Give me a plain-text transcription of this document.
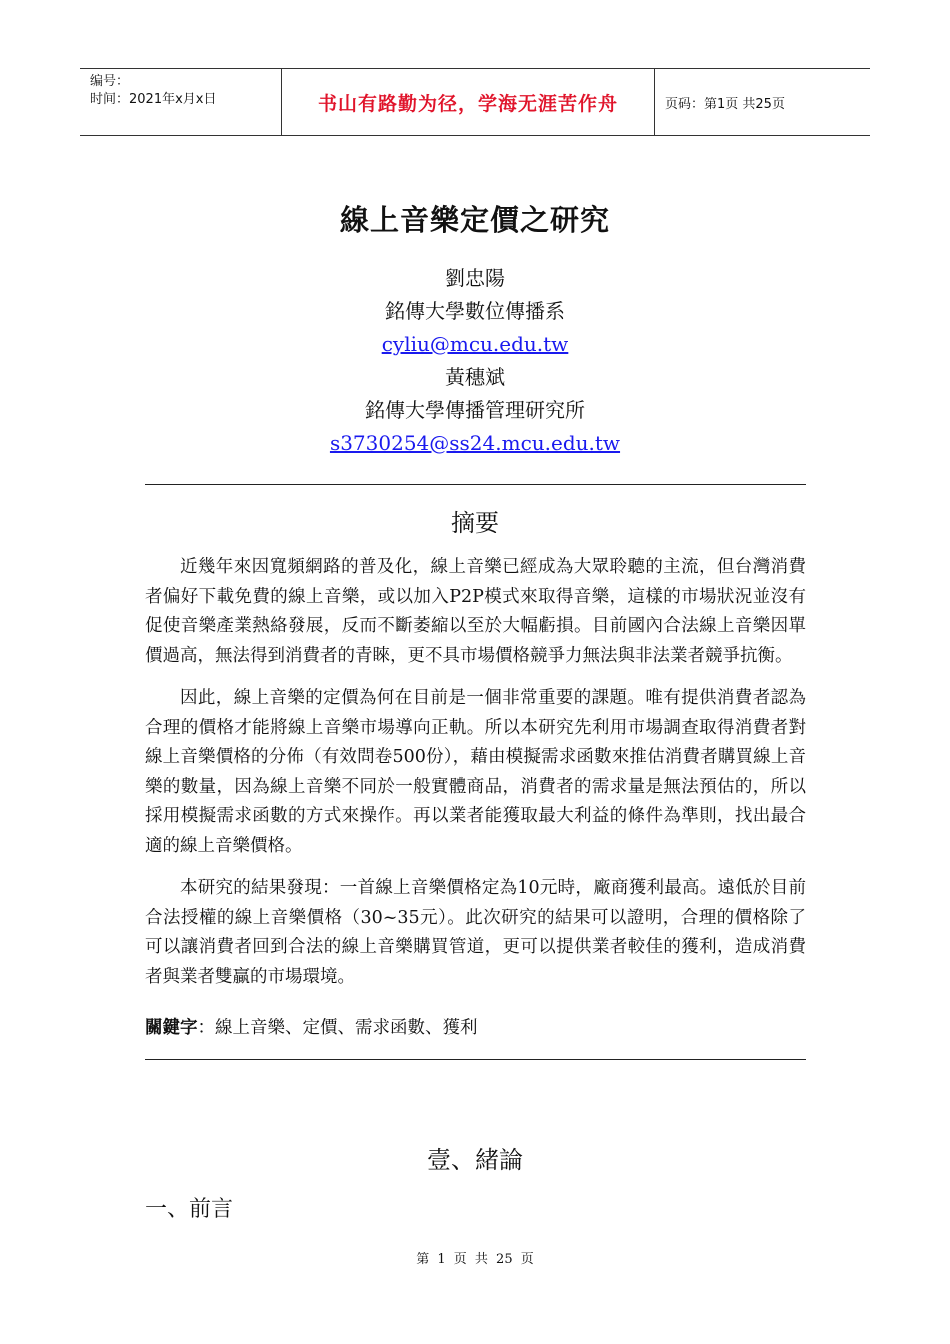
编号：
时间：2021年x月x日	书山有路勤为径，学海无涯苦作舟	页码：第1页 共25页
線上音樂定價之研究
劉忠陽
銘傳大學數位傳播系
cyliu@mcu.edu.tw
黃穗斌
銘傳大學傳播管理研究所
s3730254@ss24.mcu.edu.tw
摘要

近幾年來因寬頻網路的普及化，線上音樂已經成為大眾聆聽的主流，但台灣消費者偏好下載免費的線上音樂，或以加入P2P模式來取得音樂，這樣的市場狀況並沒有促使音樂產業熱絡發展，反而不斷萎縮以至於大幅虧損。目前國內合法線上音樂因單價過高，無法得到消費者的青睞，更不具市場價格競爭力無法與非法業者競爭抗衡。

因此，線上音樂的定價為何在目前是一個非常重要的課題。唯有提供消費者認為合理的價格才能將線上音樂市場導向正軌。所以本研究先利用市場調查取得消費者對線上音樂價格的分佈（有效問卷500份），藉由模擬需求函數來推估消費者購買線上音樂的數量，因為線上音樂不同於一般實體商品，消費者的需求量是無法預估的，所以採用模擬需求函數的方式來操作。再以業者能獲取最大利益的條件為準則，找出最合適的線上音樂價格。

本研究的結果發現：一首線上音樂價格定為10元時，廠商獲利最高。遠低於目前合法授權的線上音樂價格（30~35元）。此次研究的結果可以證明，合理的價格除了可以讓消費者回到合法的線上音樂購買管道，更可以提供業者較佳的獲利，造成消費者與業者雙贏的市場環境。

關鍵字：線上音樂、定價、需求函數、獲利
壹、緒論
一、前言
第 1 页 共 25 页
